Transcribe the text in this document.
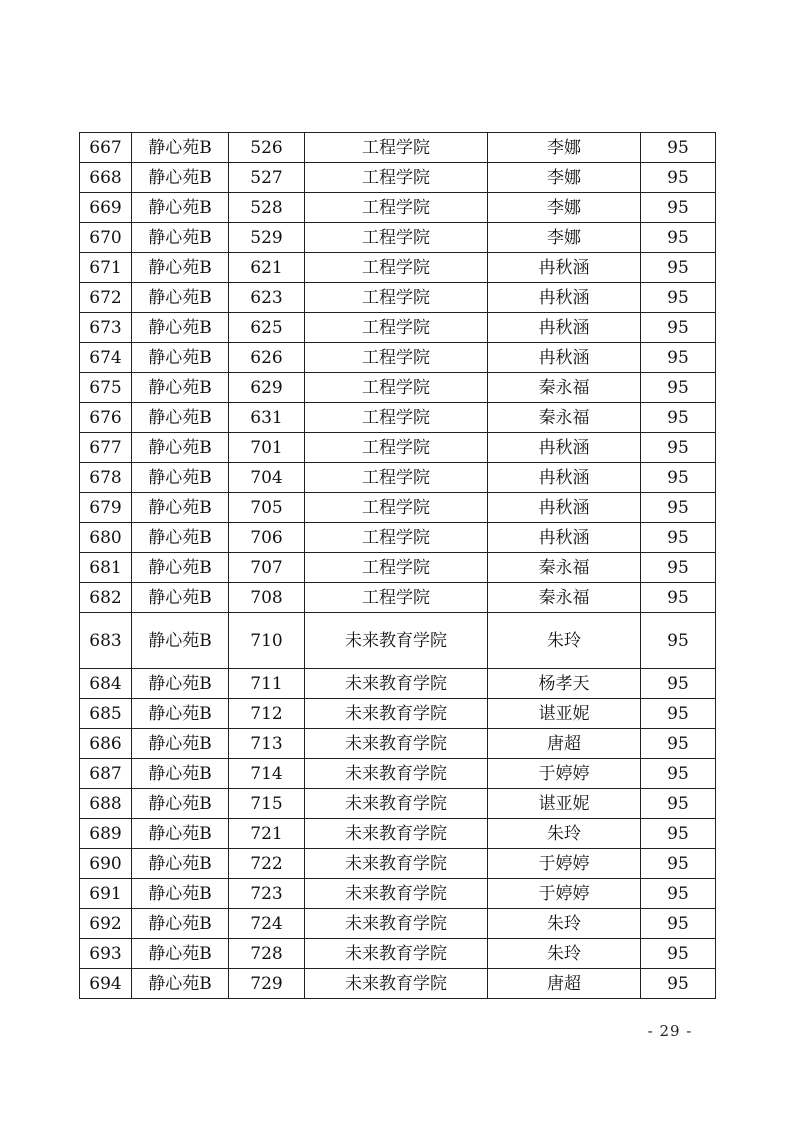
667	静心苑B	526	工程学院	李娜	95
668	静心苑B	527	工程学院	李娜	95
669	静心苑B	528	工程学院	李娜	95
670	静心苑B	529	工程学院	李娜	95
671	静心苑B	621	工程学院	冉秋涵	95
672	静心苑B	623	工程学院	冉秋涵	95
673	静心苑B	625	工程学院	冉秋涵	95
674	静心苑B	626	工程学院	冉秋涵	95
675	静心苑B	629	工程学院	秦永福	95
676	静心苑B	631	工程学院	秦永福	95
677	静心苑B	701	工程学院	冉秋涵	95
678	静心苑B	704	工程学院	冉秋涵	95
679	静心苑B	705	工程学院	冉秋涵	95
680	静心苑B	706	工程学院	冉秋涵	95
681	静心苑B	707	工程学院	秦永福	95
682	静心苑B	708	工程学院	秦永福	95
683	静心苑B	710	未来教育学院	朱玲	95
684	静心苑B	711	未来教育学院	杨孝天	95
685	静心苑B	712	未来教育学院	谌亚妮	95
686	静心苑B	713	未来教育学院	唐超	95
687	静心苑B	714	未来教育学院	于婷婷	95
688	静心苑B	715	未来教育学院	谌亚妮	95
689	静心苑B	721	未来教育学院	朱玲	95
690	静心苑B	722	未来教育学院	于婷婷	95
691	静心苑B	723	未来教育学院	于婷婷	95
692	静心苑B	724	未来教育学院	朱玲	95
693	静心苑B	728	未来教育学院	朱玲	95
694	静心苑B	729	未来教育学院	唐超	95
- 29 -
